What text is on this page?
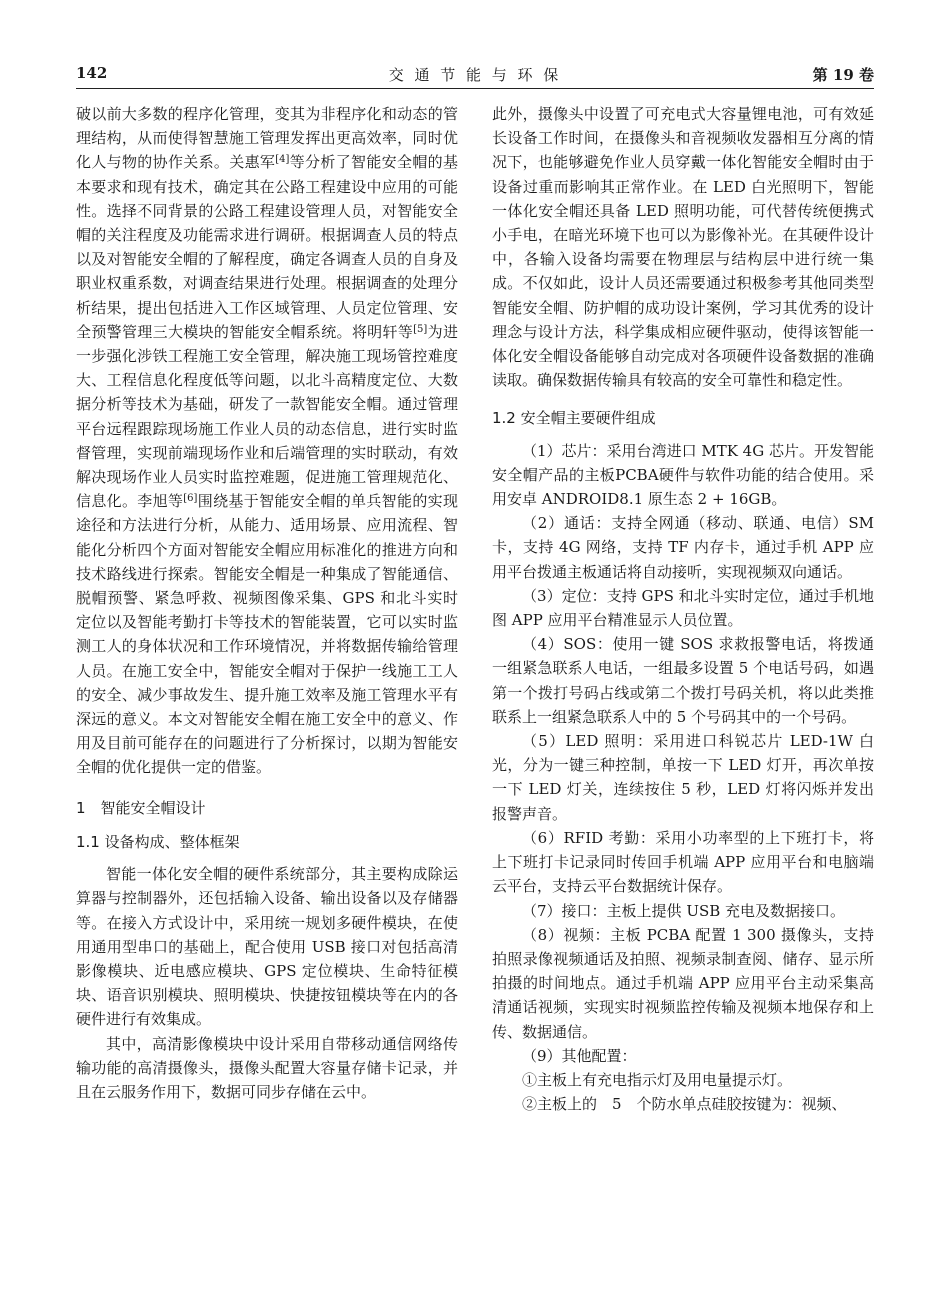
142	交 通 节 能 与 环 保	第 19 卷

破以前大多数的程序化管理，变其为非程序化和动态的管理结构，从而使得智慧施工管理发挥出更高效率，同时优化人与物的协作关系。关惠军[4]等分析了智能安全帽的基本要求和现有技术，确定其在公路工程建设中应用的可能性。选择不同背景的公路工程建设管理人员，对智能安全帽的关注程度及功能需求进行调研。根据调查人员的特点以及对智能安全帽的了解程度，确定各调查人员的自身及职业权重系数，对调查结果进行处理。根据调查的处理分析结果，提出包括进入工作区域管理、人员定位管理、安全预警管理三大模块的智能安全帽系统。将明轩等[5]为进一步强化涉铁工程施工安全管理，解决施工现场管控难度大、工程信息化程度低等问题，以北斗高精度定位、大数据分析等技术为基础，研发了一款智能安全帽。通过管理平台远程跟踪现场施工作业人员的动态信息，进行实时监督管理，实现前端现场作业和后端管理的实时联动，有效解决现场作业人员实时监控难题，促进施工管理规范化、信息化。李旭等[6]围绕基于智能安全帽的单兵智能的实现途径和方法进行分析，从能力、适用场景、应用流程、智能化分析四个方面对智能安全帽应用标准化的推进方向和技术路线进行探索。智能安全帽是一种集成了智能通信、脱帽预警、紧急呼救、视频图像采集、GPS 和北斗实时定位以及智能考勤打卡等技术的智能装置，它可以实时监测工人的身体状况和工作环境情况，并将数据传输给管理人员。在施工安全中，智能安全帽对于保护一线施工工人的安全、减少事故发生、提升施工效率及施工管理水平有深远的意义。本文对智能安全帽在施工安全中的意义、作用及目前可能存在的问题进行了分析探讨，以期为智能安全帽的优化提供一定的借鉴。

1　智能安全帽设计
1.1 设备构成、整体框架

智能一体化安全帽的硬件系统部分，其主要构成除运算器与控制器外，还包括输入设备、输出设备以及存储器等。在接入方式设计中，采用统一规划多硬件模块，在使用通用型串口的基础上，配合使用 USB 接口对包括高清影像模块、近电感应模块、GPS 定位模块、生命特征模块、语音识别模块、照明模块、快捷按钮模块等在内的各硬件进行有效集成。

其中，高清影像模块中设计采用自带移动通信网络传输功能的高清摄像头，摄像头配置大容量存储卡记录，并且在云服务作用下，数据可同步存储在云中。

此外，摄像头中设置了可充电式大容量锂电池，可有效延长设备工作时间，在摄像头和音视频收发器相互分离的情况下，也能够避免作业人员穿戴一体化智能安全帽时由于设备过重而影响其正常作业。在 LED 白光照明下，智能一体化安全帽还具备 LED 照明功能，可代替传统便携式小手电，在暗光环境下也可以为影像补光。在其硬件设计中，各输入设备均需要在物理层与结构层中进行统一集成。不仅如此，设计人员还需要通过积极参考其他同类型智能安全帽、防护帽的成功设计案例，学习其优秀的设计理念与设计方法，科学集成相应硬件驱动，使得该智能一体化安全帽设备能够自动完成对各项硬件设备数据的准确读取。确保数据传输具有较高的安全可靠性和稳定性。

1.2 安全帽主要硬件组成

（1）芯片：采用台湾进口 MTK 4G 芯片。开发智能安全帽产品的主板PCBA硬件与软件功能的结合使用。采用安卓 ANDROID8.1 原生态 2 + 16GB。

（2）通话：支持全网通（移动、联通、电信）SM 卡，支持 4G 网络，支持 TF 内存卡，通过手机 APP 应用平台拨通主板通话将自动接听，实现视频双向通话。

（3）定位：支持 GPS 和北斗实时定位，通过手机地图 APP 应用平台精准显示人员位置。

（4）SOS：使用一键 SOS 求救报警电话，将拨通一组紧急联系人电话，一组最多设置 5 个电话号码，如遇第一个拨打号码占线或第二个拨打号码关机，将以此类推联系上一组紧急联系人中的 5 个号码其中的一个号码。

（5）LED 照明：采用进口科锐芯片 LED-1W 白光，分为一键三种控制，单按一下 LED 灯开，再次单按一下 LED 灯关，连续按住 5 秒，LED 灯将闪烁并发出报警声音。

（6）RFID 考勤：采用小功率型的上下班打卡，将上下班打卡记录同时传回手机端 APP 应用平台和电脑端云平台，支持云平台数据统计保存。

（7）接口：主板上提供 USB 充电及数据接口。

（8）视频：主板 PCBA 配置 1 300 摄像头，支持拍照录像视频通话及拍照、视频录制查阅、储存、显示所拍摄的时间地点。通过手机端 APP 应用平台主动采集高清通话视频，实现实时视频监控传输及视频本地保存和上传、数据通信。

（9）其他配置：

①主板上有充电指示灯及用电量提示灯。

②主板上的　5　个防水单点硅胶按键为：视频、
